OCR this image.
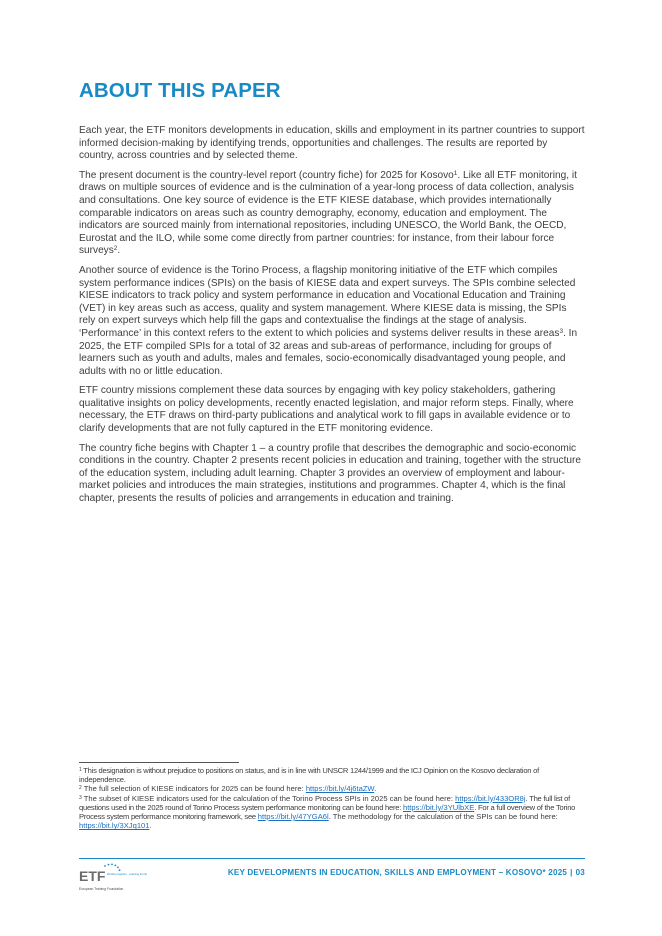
ABOUT THIS PAPER

Each year, the ETF monitors developments in education, skills and employment in its partner countries to support informed decision-making by identifying trends, opportunities and challenges. The results are reported by country, across countries and by selected theme.

The present document is the country-level report (country fiche) for 2025 for Kosovo$^1$. Like all ETF monitoring, it draws on multiple sources of evidence and is the culmination of a year-long process of data collection, analysis and consultations. One key source of evidence is the ETF KIESE database, which provides internationally comparable indicators on areas such as country demography, economy, education and employment. The indicators are sourced mainly from international repositories, including UNESCO, the World Bank, the OECD, Eurostat and the ILO, while some come directly from partner countries: for instance, from their labour force surveys$^2$.

Another source of evidence is the Torino Process, a flagship monitoring initiative of the ETF which compiles system performance indices (SPIs) on the basis of KIESE data and expert surveys. The SPIs combine selected KIESE indicators to track policy and system performance in education and Vocational Education and Training (VET) in key areas such as access, quality and system management. Where KIESE data is missing, the SPIs rely on expert surveys which help fill the gaps and contextualise the findings at the stage of analysis. ‘Performance’ in this context refers to the extent to which policies and systems deliver results in these areas$^3$. In 2025, the ETF compiled SPIs for a total of 32 areas and sub-areas of performance, including for groups of learners such as youth and adults, males and females, socio-economically disadvantaged young people, and adults with no or little education.

ETF country missions complement these data sources by engaging with key policy stakeholders, gathering qualitative insights on policy developments, recently enacted legislation, and major reform steps. Finally, where necessary, the ETF draws on third-party publications and analytical work to fill gaps in available evidence or to clarify developments that are not fully captured in the ETF monitoring evidence.

The country fiche begins with Chapter 1 – a country profile that describes the demographic and socio-economic conditions in the country. Chapter 2 presents recent policies in education and training, together with the structure of the education system, including adult learning. Chapter 3 provides an overview of employment and labour-market policies and introduces the main strategies, institutions and programmes. Chapter 4, which is the final chapter, presents the results of policies and arrangements in education and training.

$^1$ This designation is without prejudice to positions on status, and is in line with UNSCR 1244/1999 and the ICJ Opinion on the Kosovo declaration of independence.

$^2$ The full selection of KIESE indicators for 2025 can be found here: https://bit.ly/4j6taZW.

$^3$ The subset of KIESE indicators used for the calculation of the Torino Process SPIs in 2025 can be found here: https://bit.ly/433OR8j. The full list of questions used in the 2025 round of Torino Process system performance monitoring can be found here: https://bit.ly/3YUlbXE. For a full overview of the Torino Process system performance monitoring framework, see https://bit.ly/47YGA6l. The methodology for the calculation of the SPIs can be found here: https://bit.ly/3XJq101.

ETF Working together · Learning for life
European Training Foundation
KEY DEVELOPMENTS IN EDUCATION, SKILLS AND EMPLOYMENT – KOSOVO* 2025 | 03
